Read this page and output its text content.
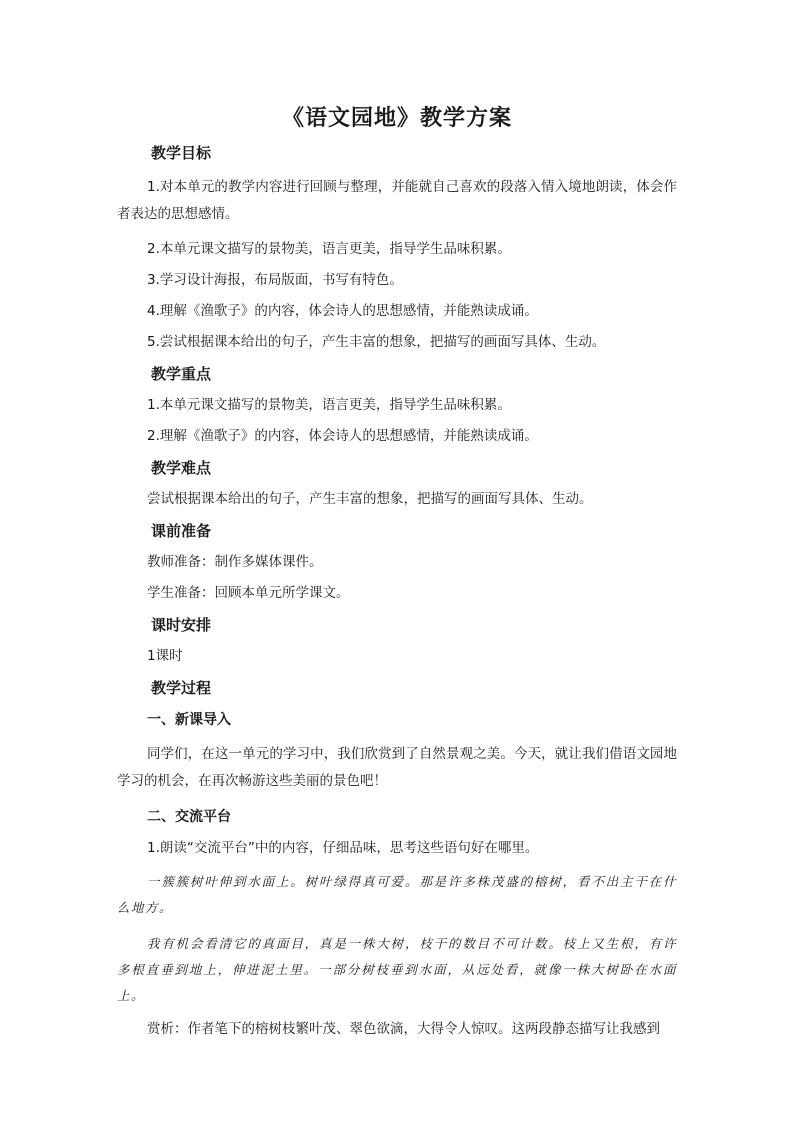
《语文园地》教学方案
教学目标

1.对本单元的教学内容进行回顾与整理，并能就自己喜欢的段落入情入境地朗读，体会作者表达的思想感情。

2.本单元课文描写的景物美，语言更美，指导学生品味积累。

3.学习设计海报，布局版面，书写有特色。

4.理解《渔歌子》的内容，体会诗人的思想感情，并能熟读成诵。

5.尝试根据课本给出的句子，产生丰富的想象，把描写的画面写具体、生动。

教学重点

1.本单元课文描写的景物美，语言更美，指导学生品味积累。

2.理解《渔歌子》的内容，体会诗人的思想感情，并能熟读成诵。

教学难点

尝试根据课本给出的句子，产生丰富的想象，把描写的画面写具体、生动。

课前准备

教师准备：制作多媒体课件。

学生准备：回顾本单元所学课文。

课时安排

1课时

教学过程
一、新课导入

同学们，在这一单元的学习中，我们欣赏到了自然景观之美。今天，就让我们借语文园地学习的机会，在再次畅游这些美丽的景色吧！

二、交流平台

1.朗读“交流平台”中的内容，仔细品味，思考这些语句好在哪里。

一簇簇树叶伸到水面上。树叶绿得真可爱。那是许多株茂盛的榕树，看不出主干在什么地方。

我有机会看清它的真面目，真是一株大树，枝干的数目不可计数。枝上又生根，有许多根直垂到地上，伸进泥土里。一部分树枝垂到水面，从远处看，就像一株大树卧在水面上。

赏析：作者笔下的榕树枝繁叶茂、翠色欲滴，大得令人惊叹。这两段静态描写让我感到
